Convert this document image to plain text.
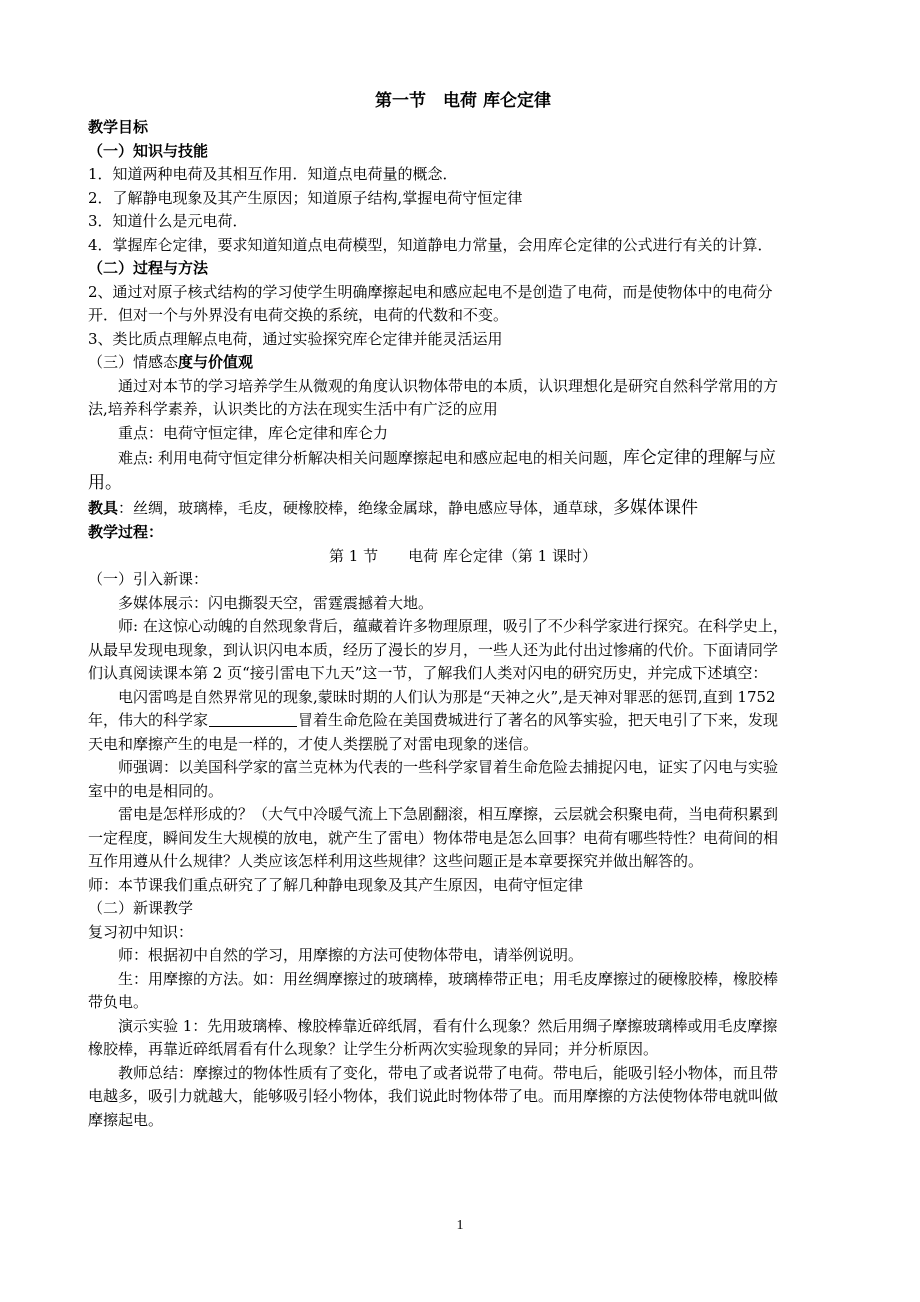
第一节　电荷 库仑定律
教学目标
（一）知识与技能
1．知道两种电荷及其相互作用．知道点电荷量的概念．
2．了解静电现象及其产生原因；知道原子结构,掌握电荷守恒定律
3．知道什么是元电荷．
4．掌握库仑定律，要求知道知道点电荷模型，知道静电力常量，会用库仑定律的公式进行有关的计算．
（二）过程与方法
2、通过对原子核式结构的学习使学生明确摩擦起电和感应起电不是创造了电荷，而是使物体中的电荷分
开．但对一个与外界没有电荷交换的系统，电荷的代数和不变。
3、类比质点理解点电荷，通过实验探究库仑定律并能灵活运用
（三）情感态度与价值观
通过对本节的学习培养学生从微观的角度认识物体带电的本质，认识理想化是研究自然科学常用的方
法,培养科学素养，认识类比的方法在现实生活中有广泛的应用
重点：电荷守恒定律，库仑定律和库仑力
难点: 利用电荷守恒定律分析解决相关问题摩擦起电和感应起电的相关问题，库仑定律的理解与应
用。
教具：丝绸，玻璃棒，毛皮，硬橡胶棒，绝缘金属球，静电感应导体，通草球，多媒体课件
教学过程：
第 1 节　　电荷 库仑定律（第 1 课时）
（一）引入新课：
多媒体展示：闪电撕裂天空，雷霆震撼着大地。
师: 在这惊心动魄的自然现象背后，蕴藏着许多物理原理，吸引了不少科学家进行探究。在科学史上，
从最早发现电现象，到认识闪电本质，经历了漫长的岁月，一些人还为此付出过惨痛的代价。下面请同学
们认真阅读课本第 2 页“接引雷电下九天”这一节，了解我们人类对闪电的研究历史，并完成下述填空：
电闪雷鸣是自然界常见的现象,蒙昧时期的人们认为那是“天神之火”,是天神对罪恶的惩罚,直到 1752
年，伟大的科学家	冒着生命危险在美国费城进行了著名的风筝实验，把天电引了下来，发现
天电和摩擦产生的电是一样的，才使人类摆脱了对雷电现象的迷信。
师强调：以美国科学家的富兰克林为代表的一些科学家冒着生命危险去捕捉闪电，证实了闪电与实验
室中的电是相同的。
雷电是怎样形成的？（大气中冷暖气流上下急剧翻滚，相互摩擦，云层就会积聚电荷，当电荷积累到
一定程度，瞬间发生大规模的放电，就产生了雷电）物体带电是怎么回事？电荷有哪些特性？电荷间的相
互作用遵从什么规律？人类应该怎样利用这些规律？这些问题正是本章要探究并做出解答的。
师：本节课我们重点研究了了解几种静电现象及其产生原因，电荷守恒定律
（二）新课教学
复习初中知识：
师：根据初中自然的学习，用摩擦的方法可使物体带电，请举例说明。
生：用摩擦的方法。如：用丝绸摩擦过的玻璃棒，玻璃棒带正电；用毛皮摩擦过的硬橡胶棒，橡胶棒
带负电。
演示实验 1：先用玻璃棒、橡胶棒靠近碎纸屑，看有什么现象？然后用绸子摩擦玻璃棒或用毛皮摩擦
橡胶棒，再靠近碎纸屑看有什么现象？让学生分析两次实验现象的异同；并分析原因。
教师总结：摩擦过的物体性质有了变化，带电了或者说带了电荷。带电后，能吸引轻小物体，而且带
电越多，吸引力就越大，能够吸引轻小物体，我们说此时物体带了电。而用摩擦的方法使物体带电就叫做
摩擦起电。
1
